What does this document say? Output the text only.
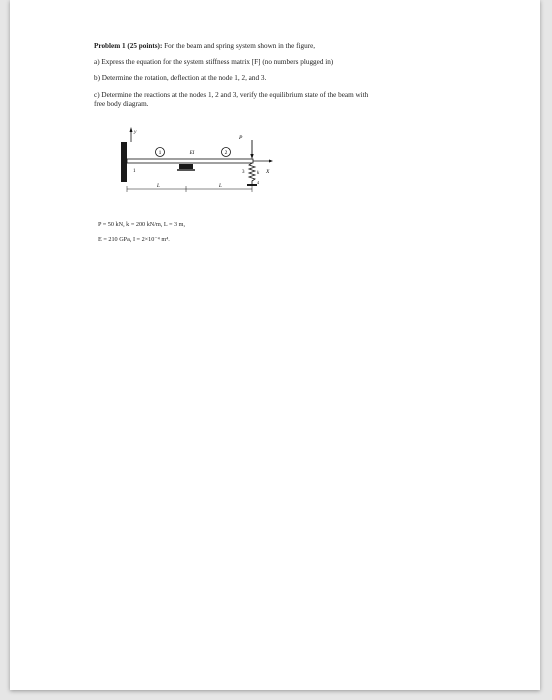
Problem 1 (25 points): For the beam and spring system shown in the figure,
a) Express the equation for the system stiffness matrix [F] (no numbers plugged in)
b) Determine the rotation, deflection at the node 1, 2, and 3.
c) Determine the reactions at the nodes 1, 2 and 3, verify the equilibrium state of the beam with
free body diagram.
y
1	EI	2
1
P
X
3	k
4
L	L
P = 50 kN, k = 200 kN/m, L = 3 m,
E = 210 GPa, I = 2×10⁻⁴ m⁴.
